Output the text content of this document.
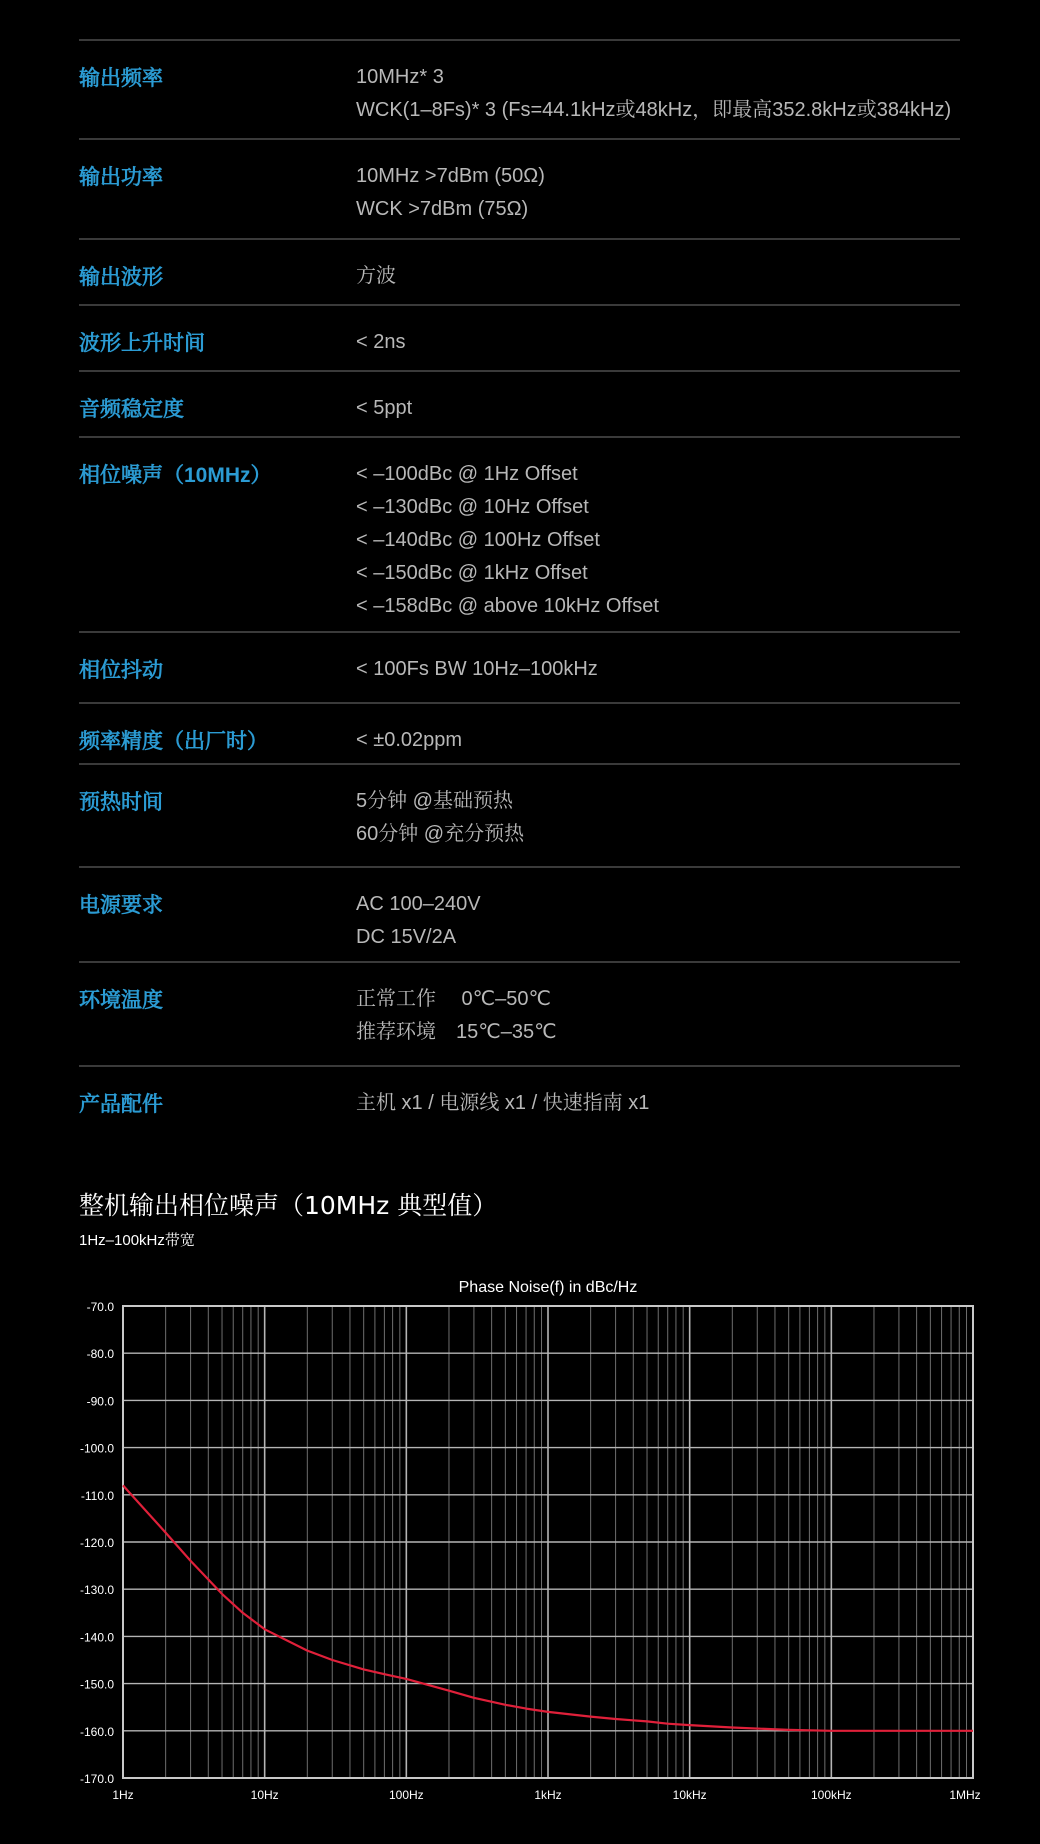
输出频率	10MHz* 3
WCK(1–8Fs)* 3 (Fs=44.1kHz或48kHz，即最高352.8kHz或384kHz)
输出功率	10MHz >7dBm (50Ω)
WCK >7dBm (75Ω)
输出波形	方波
波形上升时间	< 2ns
音频稳定度	< 5ppt
相位噪声（10MHz）	< –100dBc @ 1Hz Offset
< –130dBc @ 10Hz Offset
< –140dBc @ 100Hz Offset
< –150dBc @ 1kHz Offset
< –158dBc @ above 10kHz Offset
相位抖动	< 100Fs BW 10Hz–100kHz
频率精度（出厂时）	< ±0.02ppm
预热时间	5分钟 @基础预热
60分钟 @充分预热
电源要求	AC 100–240V
DC 15V/2A
环境温度	正常工作　 0℃–50℃
推荐环境　15℃–35℃
产品配件	主机 x1 / 电源线 x1 / 快速指南 x1
整机输出相位噪声（10MHz 典型值）
1Hz–100kHz带宽
Phase Noise(f) in dBc/Hz
-70.0
-80.0
-90.0
-100.0
-110.0
-120.0
-130.0
-140.0
-150.0
-160.0
-170.0
1Hz	10Hz	100Hz	1kHz	10kHz	100kHz	1MHz
